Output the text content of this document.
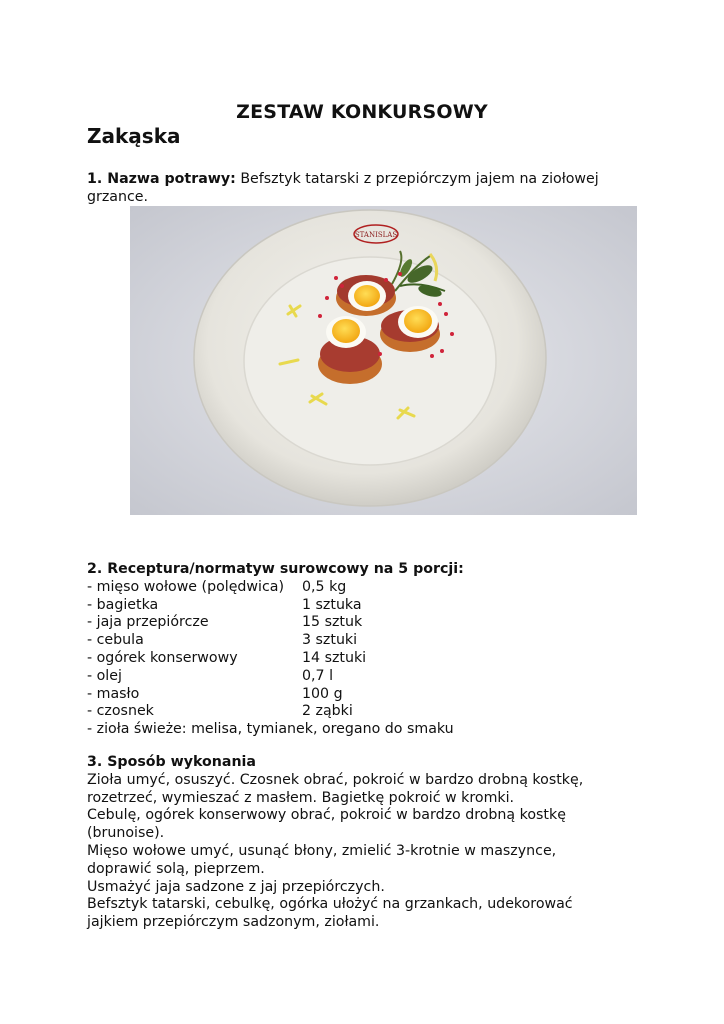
ZESTAW KONKURSOWY
Zakąska

1. Nazwa potrawy: Befsztyk tatarski z przepiórczym jajem na ziołowej

grzance.

STANISLAS

2. Receptura/normatyw surowcowy na 5 porcji:

- mięso wołowe (polędwica)	0,5 kg
- bagietka	1 sztuka
- jaja przepiórcze	15 sztuk
- cebula	3 sztuki
- ogórek konserwowy	14 sztuki
- olej	0,7 l
- masło	100 g
- czosnek	2 ząbki

- zioła świeże: melisa, tymianek, oregano do smaku

3. Sposób wykonania

Zioła umyć, osuszyć. Czosnek obrać, pokroić w bardzo drobną kostkę,

rozetrzeć, wymieszać z masłem. Bagietkę pokroić w kromki.

Cebulę, ogórek konserwowy obrać, pokroić w bardzo drobną kostkę

(brunoise).

Mięso wołowe umyć, usunąć błony, zmielić 3-krotnie w maszynce,

doprawić solą, pieprzem.

Usmażyć jaja sadzone z jaj przepiórczych.

Befsztyk tatarski, cebulkę, ogórka ułożyć na grzankach, udekorować

jajkiem przepiórczym sadzonym, ziołami.
